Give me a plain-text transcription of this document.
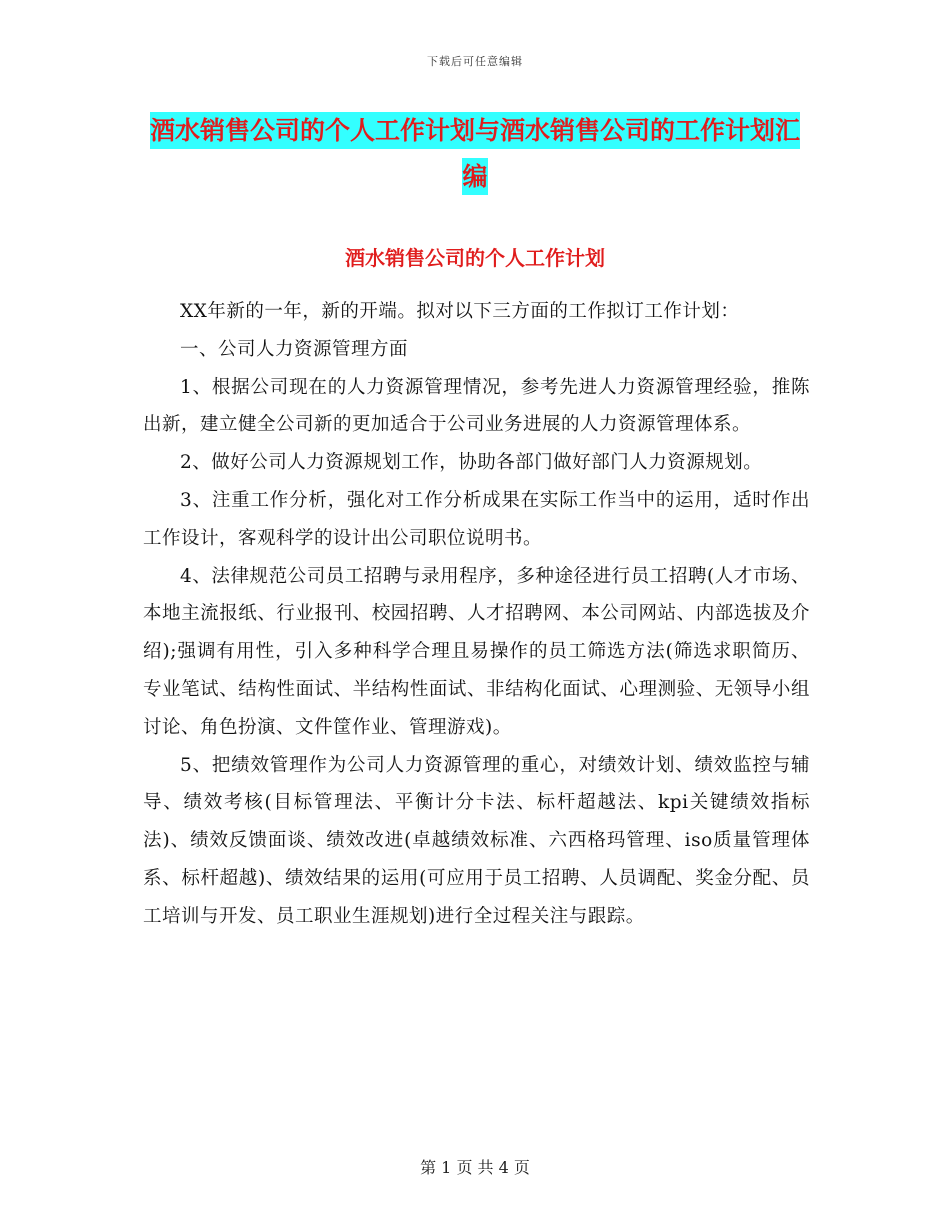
下载后可任意编辑
酒水销售公司的个人工作计划与酒水销售公司的工作计划汇编
酒水销售公司的个人工作计划

XX年新的一年，新的开端。拟对以下三方面的工作拟订工作计划：

一、公司人力资源管理方面

1、根据公司现在的人力资源管理情况，参考先进人力资源管理经验，推陈出新，建立健全公司新的更加适合于公司业务进展的人力资源管理体系。

2、做好公司人力资源规划工作，协助各部门做好部门人力资源规划。

3、注重工作分析，强化对工作分析成果在实际工作当中的运用，适时作出工作设计，客观科学的设计出公司职位说明书。

4、法律规范公司员工招聘与录用程序，多种途径进行员工招聘(人才市场、本地主流报纸、行业报刊、校园招聘、人才招聘网、本公司网站、内部选拔及介绍);强调有用性，引入多种科学合理且易操作的员工筛选方法(筛选求职简历、专业笔试、结构性面试、半结构性面试、非结构化面试、心理测验、无领导小组讨论、角色扮演、文件筐作业、管理游戏)。

5、把绩效管理作为公司人力资源管理的重心，对绩效计划、绩效监控与辅导、绩效考核(目标管理法、平衡计分卡法、标杆超越法、kpi关键绩效指标法)、绩效反馈面谈、绩效改进(卓越绩效标准、六西格玛管理、iso质量管理体系、标杆超越)、绩效结果的运用(可应用于员工招聘、人员调配、奖金分配、员工培训与开发、员工职业生涯规划)进行全过程关注与跟踪。

第 1 页 共 4 页
